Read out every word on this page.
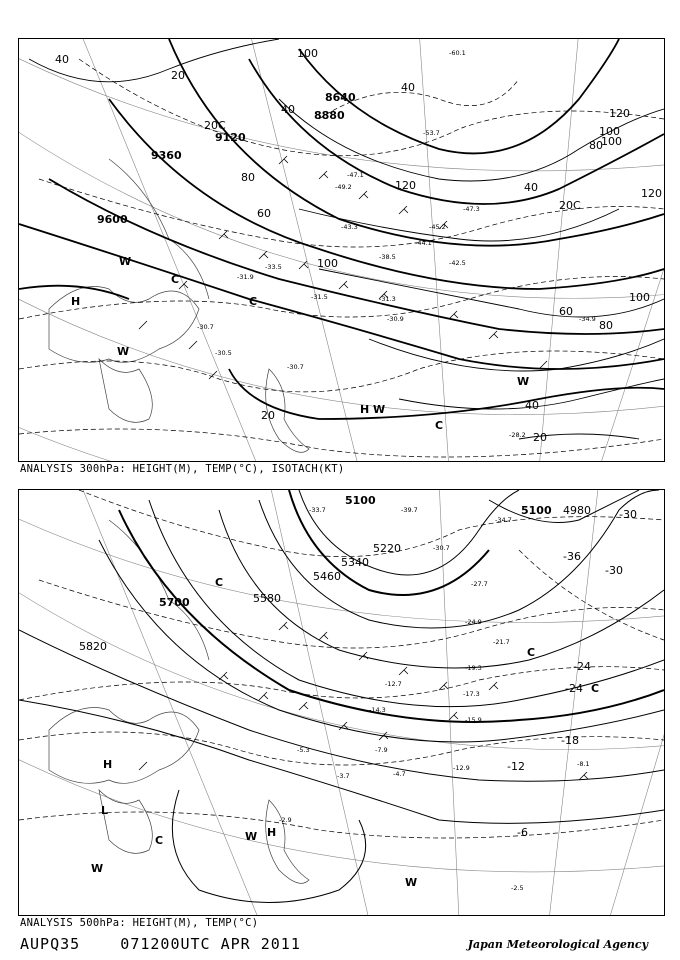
8640
8880
9120
9360
9600
40
20
40
100
120
80
100
120
40
20C
60
100
80
100
60
40
20
20
20C
40
120
100
80
-60.1
-53.7
-47.1
-49.2
-43.3	-45.2
-44.1
-42.5
-47.3
-38.5
-31.5	-31.3
-30.9
-30.7
-30.5
-30.7
-34.9
-28.2
-31.9
-33.5
H
W
C
C
W
H W
C
W
ANALYSIS 300hPa: HEIGHT(M), TEMP(°C), ISOTACH(KT)
5100
5100 4980
5220
5340
5460
5580
5700
5820
-30
-36
-30
-24
-24
-18
-12
-6
-39.7
-34.7
-33.7
-30.7
-27.7
-24.9
-21.7
-19.3
-17.3
-15.9
-14.3
-12.9
-12.7
-8.1
-7.9
-5.3
-4.7
-3.7
-2.9
-2.5
H
L
C	W H
W
W
C
C
C
ANALYSIS 500hPa: HEIGHT(M), TEMP(°C)
AUPQ35    071200UTC APR 2011	Japan Meteorological Agency
